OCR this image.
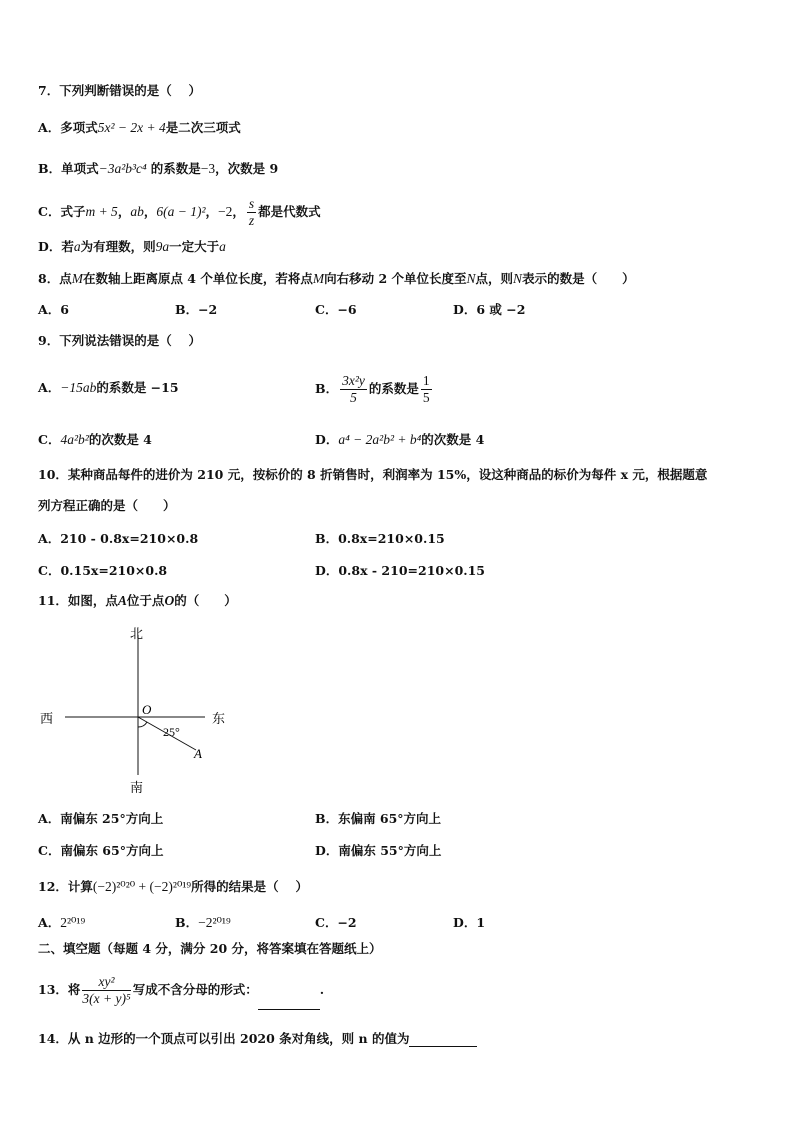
7．下列判断错误的是（　 ）
A．多项式5x² − 2x + 4是二次三项式
B．单项式−3a²b³c⁴ 的系数是−3，次数是 9
C．式子m + 5，ab，6(a − 1)²，−2， $\frac{s}{z}$ 都是代数式
D．若a为有理数，则9a一定大于a
8．点M在数轴上距离原点 4 个单位长度，若将点M向右移动 2 个单位长度至N点，则N表示的数是（　　）
A．6	B．−2	C．−6	D．6 或 −2
9．下列说法错误的是（　 ）
A．−15ab的系数是 −15	B． $\frac{\text{3x²y}}{5}$ 的系数是 $\frac{1}{5}$
C．4a²b²的次数是 4	D．a⁴ − 2a²b² + b⁴的次数是 4
10．某种商品每件的进价为 210 元，按标价的 8 折销售时，利润率为 15%，设这种商品的标价为每件 x 元，根据题意
列方程正确的是（　　）
A．210 - 0.8x=210×0.8	B．0.8x=210×0.15
C．0.15x=210×0.8	D．0.8x - 210=210×0.15
11．如图，点A位于点O的（　　）
北
南
西	东
O
25°
A
A．南偏东 25°方向上	B．东偏南 65°方向上
C．南偏东 65°方向上	D．南偏东 55°方向上
12．计算(−2)²⁰²⁰ + (−2)²⁰¹⁹所得的结果是（　 ）
A．2²⁰¹⁹	B．−2²⁰¹⁹	C．−2	D．1
二、填空题（每题 4 分，满分 20 分，将答案填在答题纸上）
13．将 $\frac{\text{xy²}}{\text{3(x + y)⁵}}$ 写成不含分母的形式：	.
14．从 n 边形的一个顶点可以引出 2020 条对角线，则 n 的值为
